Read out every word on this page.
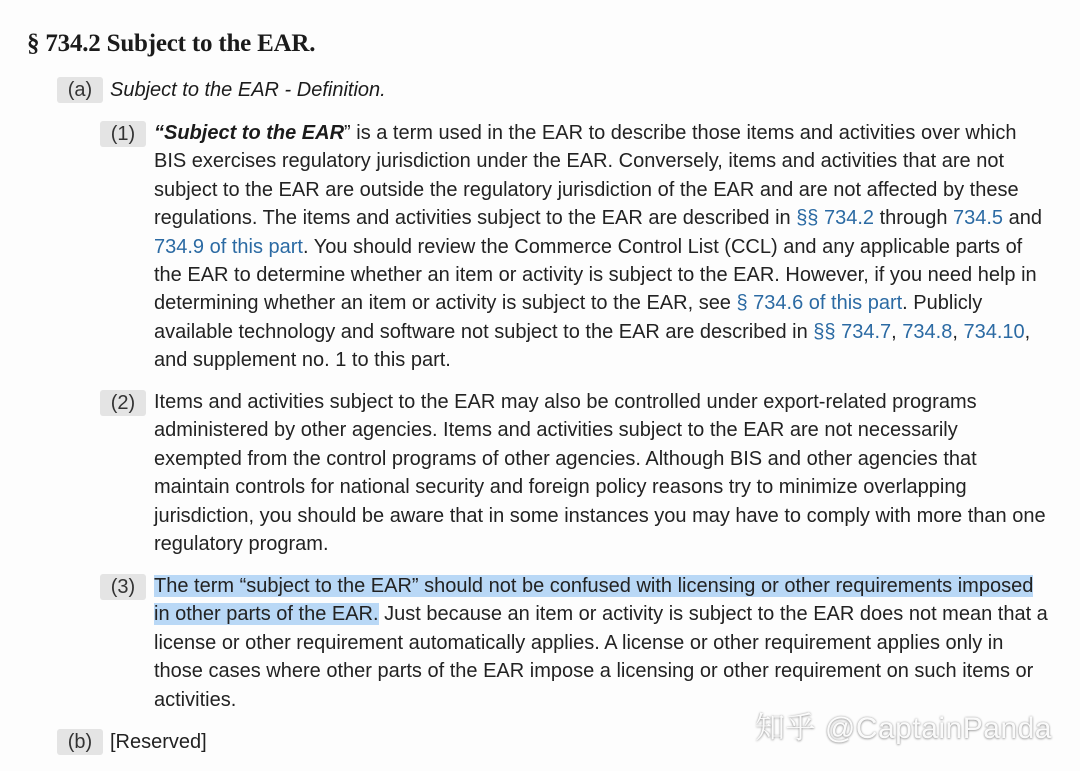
§ 734.2 Subject to the EAR.
(a) Subject to the EAR - Definition.
(1) “Subject to the EAR” is a term used in the EAR to describe those items and activities over which BIS exercises regulatory jurisdiction under the EAR. Conversely, items and activities that are not subject to the EAR are outside the regulatory jurisdiction of the EAR and are not affected by these regulations. The items and activities subject to the EAR are described in §§ 734.2 through 734.5 and 734.9 of this part. You should review the Commerce Control List (CCL) and any applicable parts of the EAR to determine whether an item or activity is subject to the EAR. However, if you need help in determining whether an item or activity is subject to the EAR, see § 734.6 of this part. Publicly available technology and software not subject to the EAR are described in §§ 734.7, 734.8, 734.10, and supplement no. 1 to this part.
(2) Items and activities subject to the EAR may also be controlled under export-related programs administered by other agencies. Items and activities subject to the EAR are not necessarily exempted from the control programs of other agencies. Although BIS and other agencies that maintain controls for national security and foreign policy reasons try to minimize overlapping jurisdiction, you should be aware that in some instances you may have to comply with more than one regulatory program.
(3) The term “subject to the EAR” should not be confused with licensing or other requirements imposed in other parts of the EAR. Just because an item or activity is subject to the EAR does not mean that a license or other requirement automatically applies. A license or other requirement applies only in those cases where other parts of the EAR impose a licensing or other requirement on such items or activities.
(b) [Reserved]	知乎 @CaptainPanda
